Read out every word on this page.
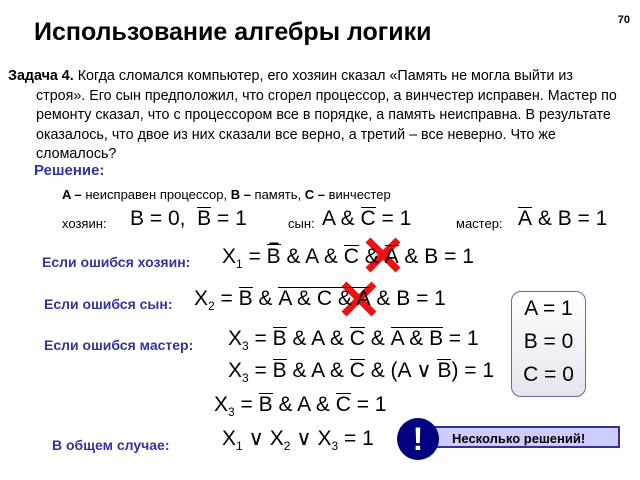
Использование алгебры логики	70
Задача 4. Когда сломался компьютер, его хозяин сказал «Память не могла выйти из строя». Его сын предположил, что сгорел процессор, а винчестер исправен. Мастер по ремонту сказал, что с процессором все в порядке, а память неисправна. В результате оказалось, что двое из них сказали все верно, а третий – все неверно. Что же сломалось?
Решение:
A – неисправен процессор, B – память, C – винчестер
хозяин: B = 0,  B = 1	сын: A & C = 1	мастер: A & B = 1
Если ошибся хозяин: $X_1 = B$ & A & C & A & B = 1
Если ошибся сын: $X_2 = B$ & A & C & A & B = 1
Если ошибся мастер: $X_3 = B$ & A & C & A & B = 1
$X_3 = B$ & A & C & (A ∨ B) = 1
$X_3 = B$ & A & C = 1
В общем случае: $X_1$ ∨ $X_2$ ∨ $X_3 = 1$
A = 1
B = 0
C = 0
Несколько решений!
!
